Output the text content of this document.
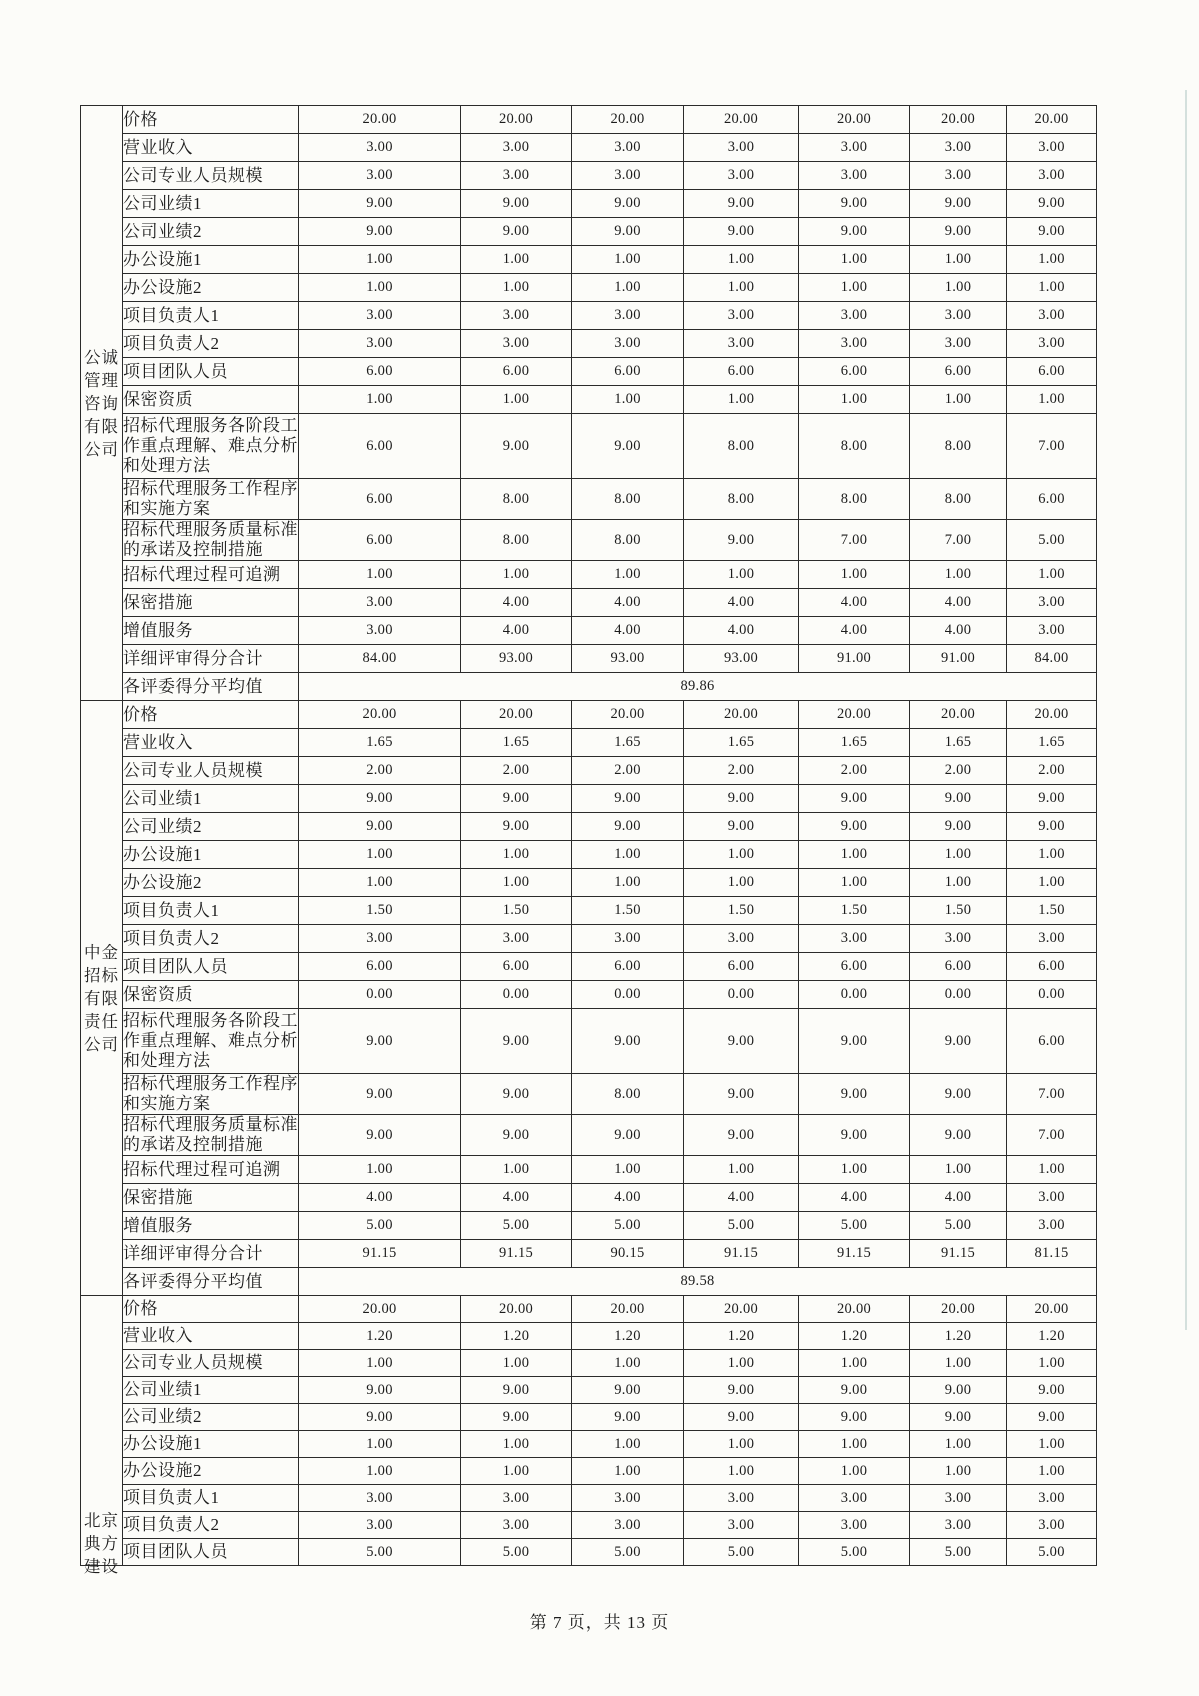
公诚
管理
咨询
有限
公司	价格	20.00	20.00	20.00	20.00	20.00	20.00	20.00
	营业收入	3.00	3.00	3.00	3.00	3.00	3.00	3.00
	公司专业人员规模	3.00	3.00	3.00	3.00	3.00	3.00	3.00
	公司业绩1	9.00	9.00	9.00	9.00	9.00	9.00	9.00
	公司业绩2	9.00	9.00	9.00	9.00	9.00	9.00	9.00
	办公设施1	1.00	1.00	1.00	1.00	1.00	1.00	1.00
	办公设施2	1.00	1.00	1.00	1.00	1.00	1.00	1.00
	项目负责人1	3.00	3.00	3.00	3.00	3.00	3.00	3.00
	项目负责人2	3.00	3.00	3.00	3.00	3.00	3.00	3.00
	项目团队人员	6.00	6.00	6.00	6.00	6.00	6.00	6.00
	保密资质	1.00	1.00	1.00	1.00	1.00	1.00	1.00
	招标代理服务各阶段工作重点理解、难点分析和处理方法	6.00	9.00	9.00	8.00	8.00	8.00	7.00
	招标代理服务工作程序和实施方案	6.00	8.00	8.00	8.00	8.00	8.00	6.00
	招标代理服务质量标准的承诺及控制措施	6.00	8.00	8.00	9.00	7.00	7.00	5.00
	招标代理过程可追溯	1.00	1.00	1.00	1.00	1.00	1.00	1.00
	保密措施	3.00	4.00	4.00	4.00	4.00	4.00	3.00
	增值服务	3.00	4.00	4.00	4.00	4.00	4.00	3.00
	详细评审得分合计	84.00	93.00	93.00	93.00	91.00	91.00	84.00
	各评委得分平均值	89.86						

中金
招标
有限
责任
公司	价格	20.00	20.00	20.00	20.00	20.00	20.00	20.00
	营业收入	1.65	1.65	1.65	1.65	1.65	1.65	1.65
	公司专业人员规模	2.00	2.00	2.00	2.00	2.00	2.00	2.00
	公司业绩1	9.00	9.00	9.00	9.00	9.00	9.00	9.00
	公司业绩2	9.00	9.00	9.00	9.00	9.00	9.00	9.00
	办公设施1	1.00	1.00	1.00	1.00	1.00	1.00	1.00
	办公设施2	1.00	1.00	1.00	1.00	1.00	1.00	1.00
	项目负责人1	1.50	1.50	1.50	1.50	1.50	1.50	1.50
	项目负责人2	3.00	3.00	3.00	3.00	3.00	3.00	3.00
	项目团队人员	6.00	6.00	6.00	6.00	6.00	6.00	6.00
	保密资质	0.00	0.00	0.00	0.00	0.00	0.00	0.00
	招标代理服务各阶段工作重点理解、难点分析和处理方法	9.00	9.00	9.00	9.00	9.00	9.00	6.00
	招标代理服务工作程序和实施方案	9.00	9.00	8.00	9.00	9.00	9.00	7.00
	招标代理服务质量标准的承诺及控制措施	9.00	9.00	9.00	9.00	9.00	9.00	7.00
	招标代理过程可追溯	1.00	1.00	1.00	1.00	1.00	1.00	1.00
	保密措施	4.00	4.00	4.00	4.00	4.00	4.00	3.00
	增值服务	5.00	5.00	5.00	5.00	5.00	5.00	3.00
	详细评审得分合计	91.15	91.15	90.15	91.15	91.15	91.15	81.15
	各评委得分平均值	89.58						

北京
典方
建设	价格	20.00	20.00	20.00	20.00	20.00	20.00	20.00
	营业收入	1.20	1.20	1.20	1.20	1.20	1.20	1.20
	公司专业人员规模	1.00	1.00	1.00	1.00	1.00	1.00	1.00
	公司业绩1	9.00	9.00	9.00	9.00	9.00	9.00	9.00
	公司业绩2	9.00	9.00	9.00	9.00	9.00	9.00	9.00
	办公设施1	1.00	1.00	1.00	1.00	1.00	1.00	1.00
	办公设施2	1.00	1.00	1.00	1.00	1.00	1.00	1.00
	项目负责人1	3.00	3.00	3.00	3.00	3.00	3.00	3.00
	项目负责人2	3.00	3.00	3.00	3.00	3.00	3.00	3.00
	项目团队人员	5.00	5.00	5.00	5.00	5.00	5.00	5.00
第 7 页，共 13 页
